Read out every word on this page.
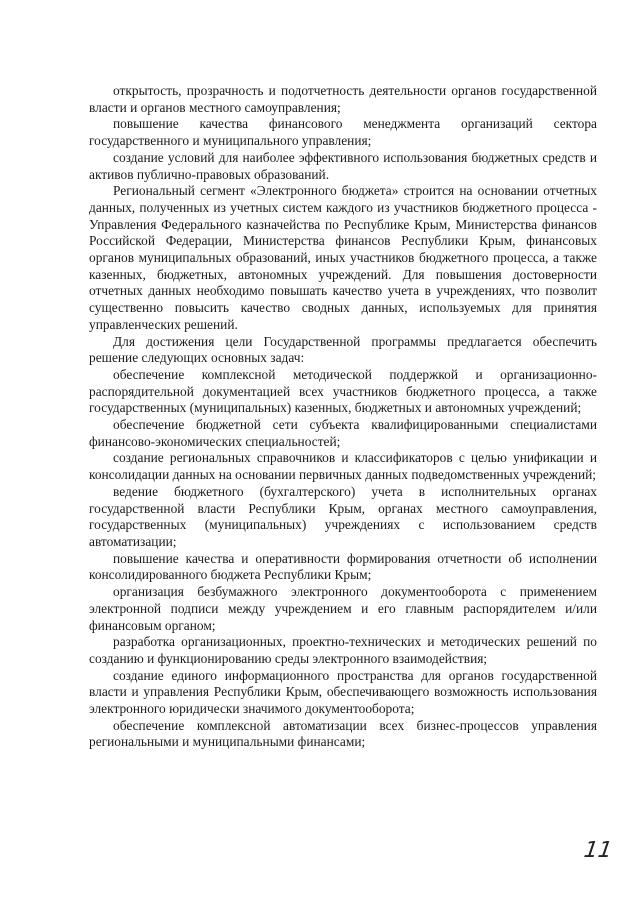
открытость, прозрачность и подотчетность деятельности органов государственной власти и органов местного самоуправления;

повышение качества финансового менеджмента организаций сектора государственного и муниципального управления;

создание условий для наиболее эффективного использования бюджетных средств и активов публично-правовых образований.

Региональный сегмент «Электронного бюджета» строится на основании отчетных данных, полученных из учетных систем каждого из участников бюджетного процесса - Управления Федерального казначейства по Республике Крым, Министерства финансов Российской Федерации, Министерства финансов Республики Крым, финансовых органов муниципальных образований, иных участников бюджетного процесса, а также казенных, бюджетных, автономных учреждений. Для повышения достоверности отчетных данных необходимо повышать качество учета в учреждениях, что позволит существенно повысить качество сводных данных, используемых для принятия управленческих решений.

Для достижения цели Государственной программы предлагается обеспечить решение следующих основных задач:

обеспечение комплексной методической поддержкой и организационно-распорядительной документацией всех участников бюджетного процесса, а также государственных (муниципальных) казенных, бюджетных и автономных учреждений;

обеспечение бюджетной сети субъекта квалифицированными специалистами финансово-экономических специальностей;

создание региональных справочников и классификаторов с целью унификации и консолидации данных на основании первичных данных подведомственных учреждений;

ведение бюджетного (бухгалтерского) учета в исполнительных органах государственной власти Республики Крым, органах местного самоуправления, государственных (муниципальных) учреждениях с использованием средств автоматизации;

повышение качества и оперативности формирования отчетности об исполнении консолидированного бюджета Республики Крым;

организация безбумажного электронного документооборота с применением электронной подписи между учреждением и его главным распорядителем и/или финансовым органом;

разработка организационных, проектно-технических и методических решений по созданию и функционированию среды электронного взаимодействия;

создание единого информационного пространства для органов государственной власти и управления Республики Крым, обеспечивающего возможность использования электронного юридически значимого документооборота;

обеспечение комплексной автоматизации всех бизнес-процессов управления региональными и муниципальными финансами;

11
